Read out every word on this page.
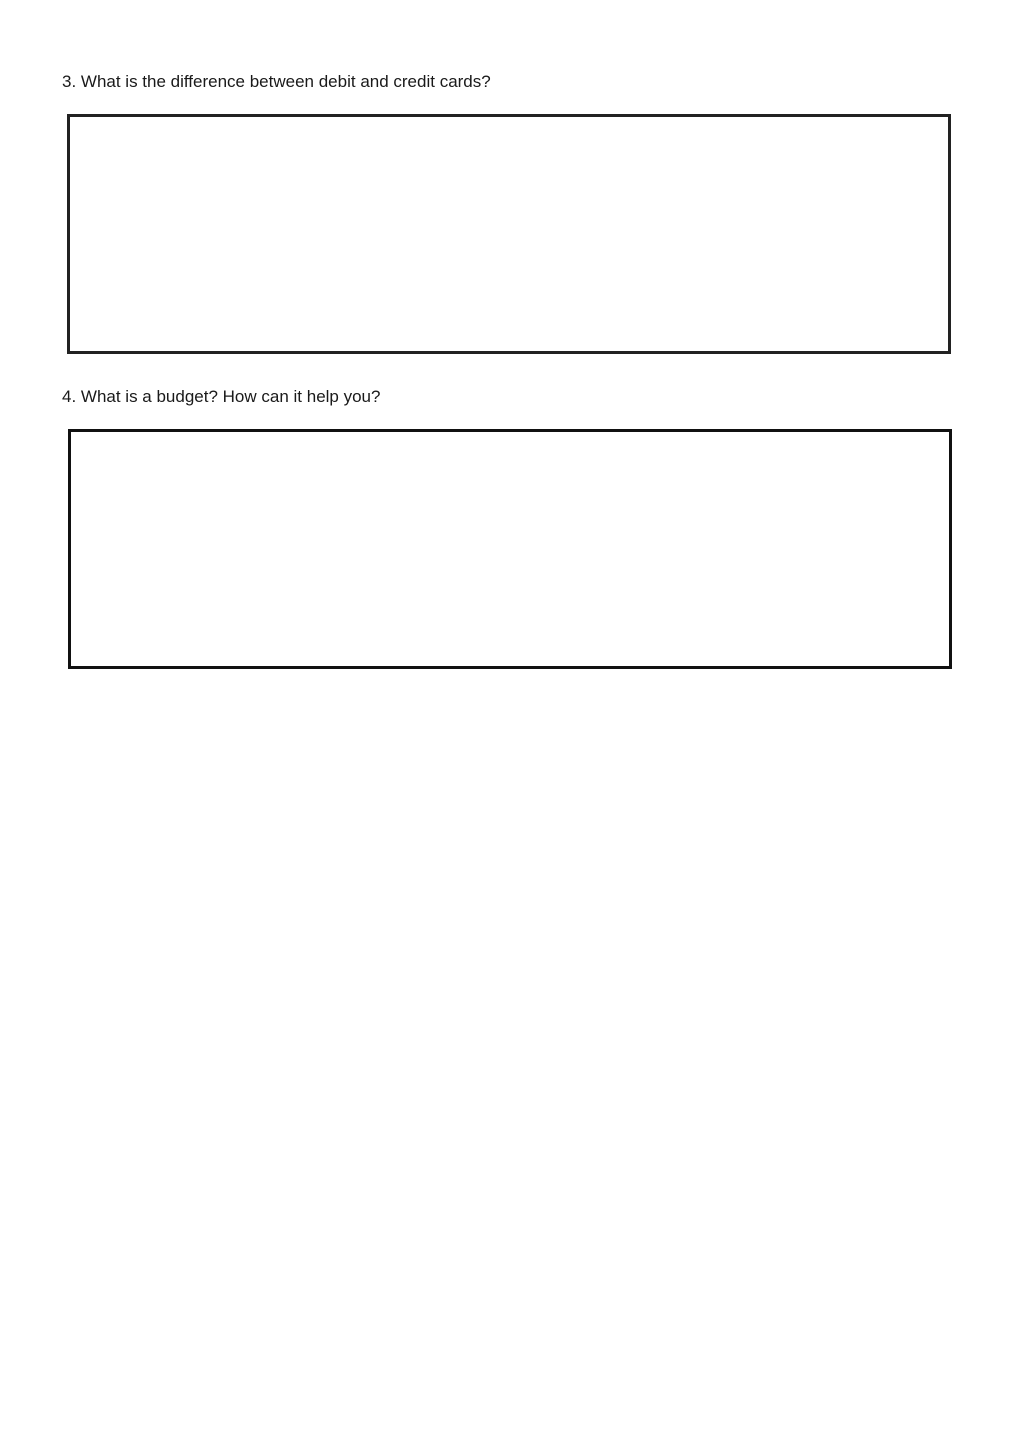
3. What is the difference between debit and credit cards?
4. What is a budget? How can it help you?
